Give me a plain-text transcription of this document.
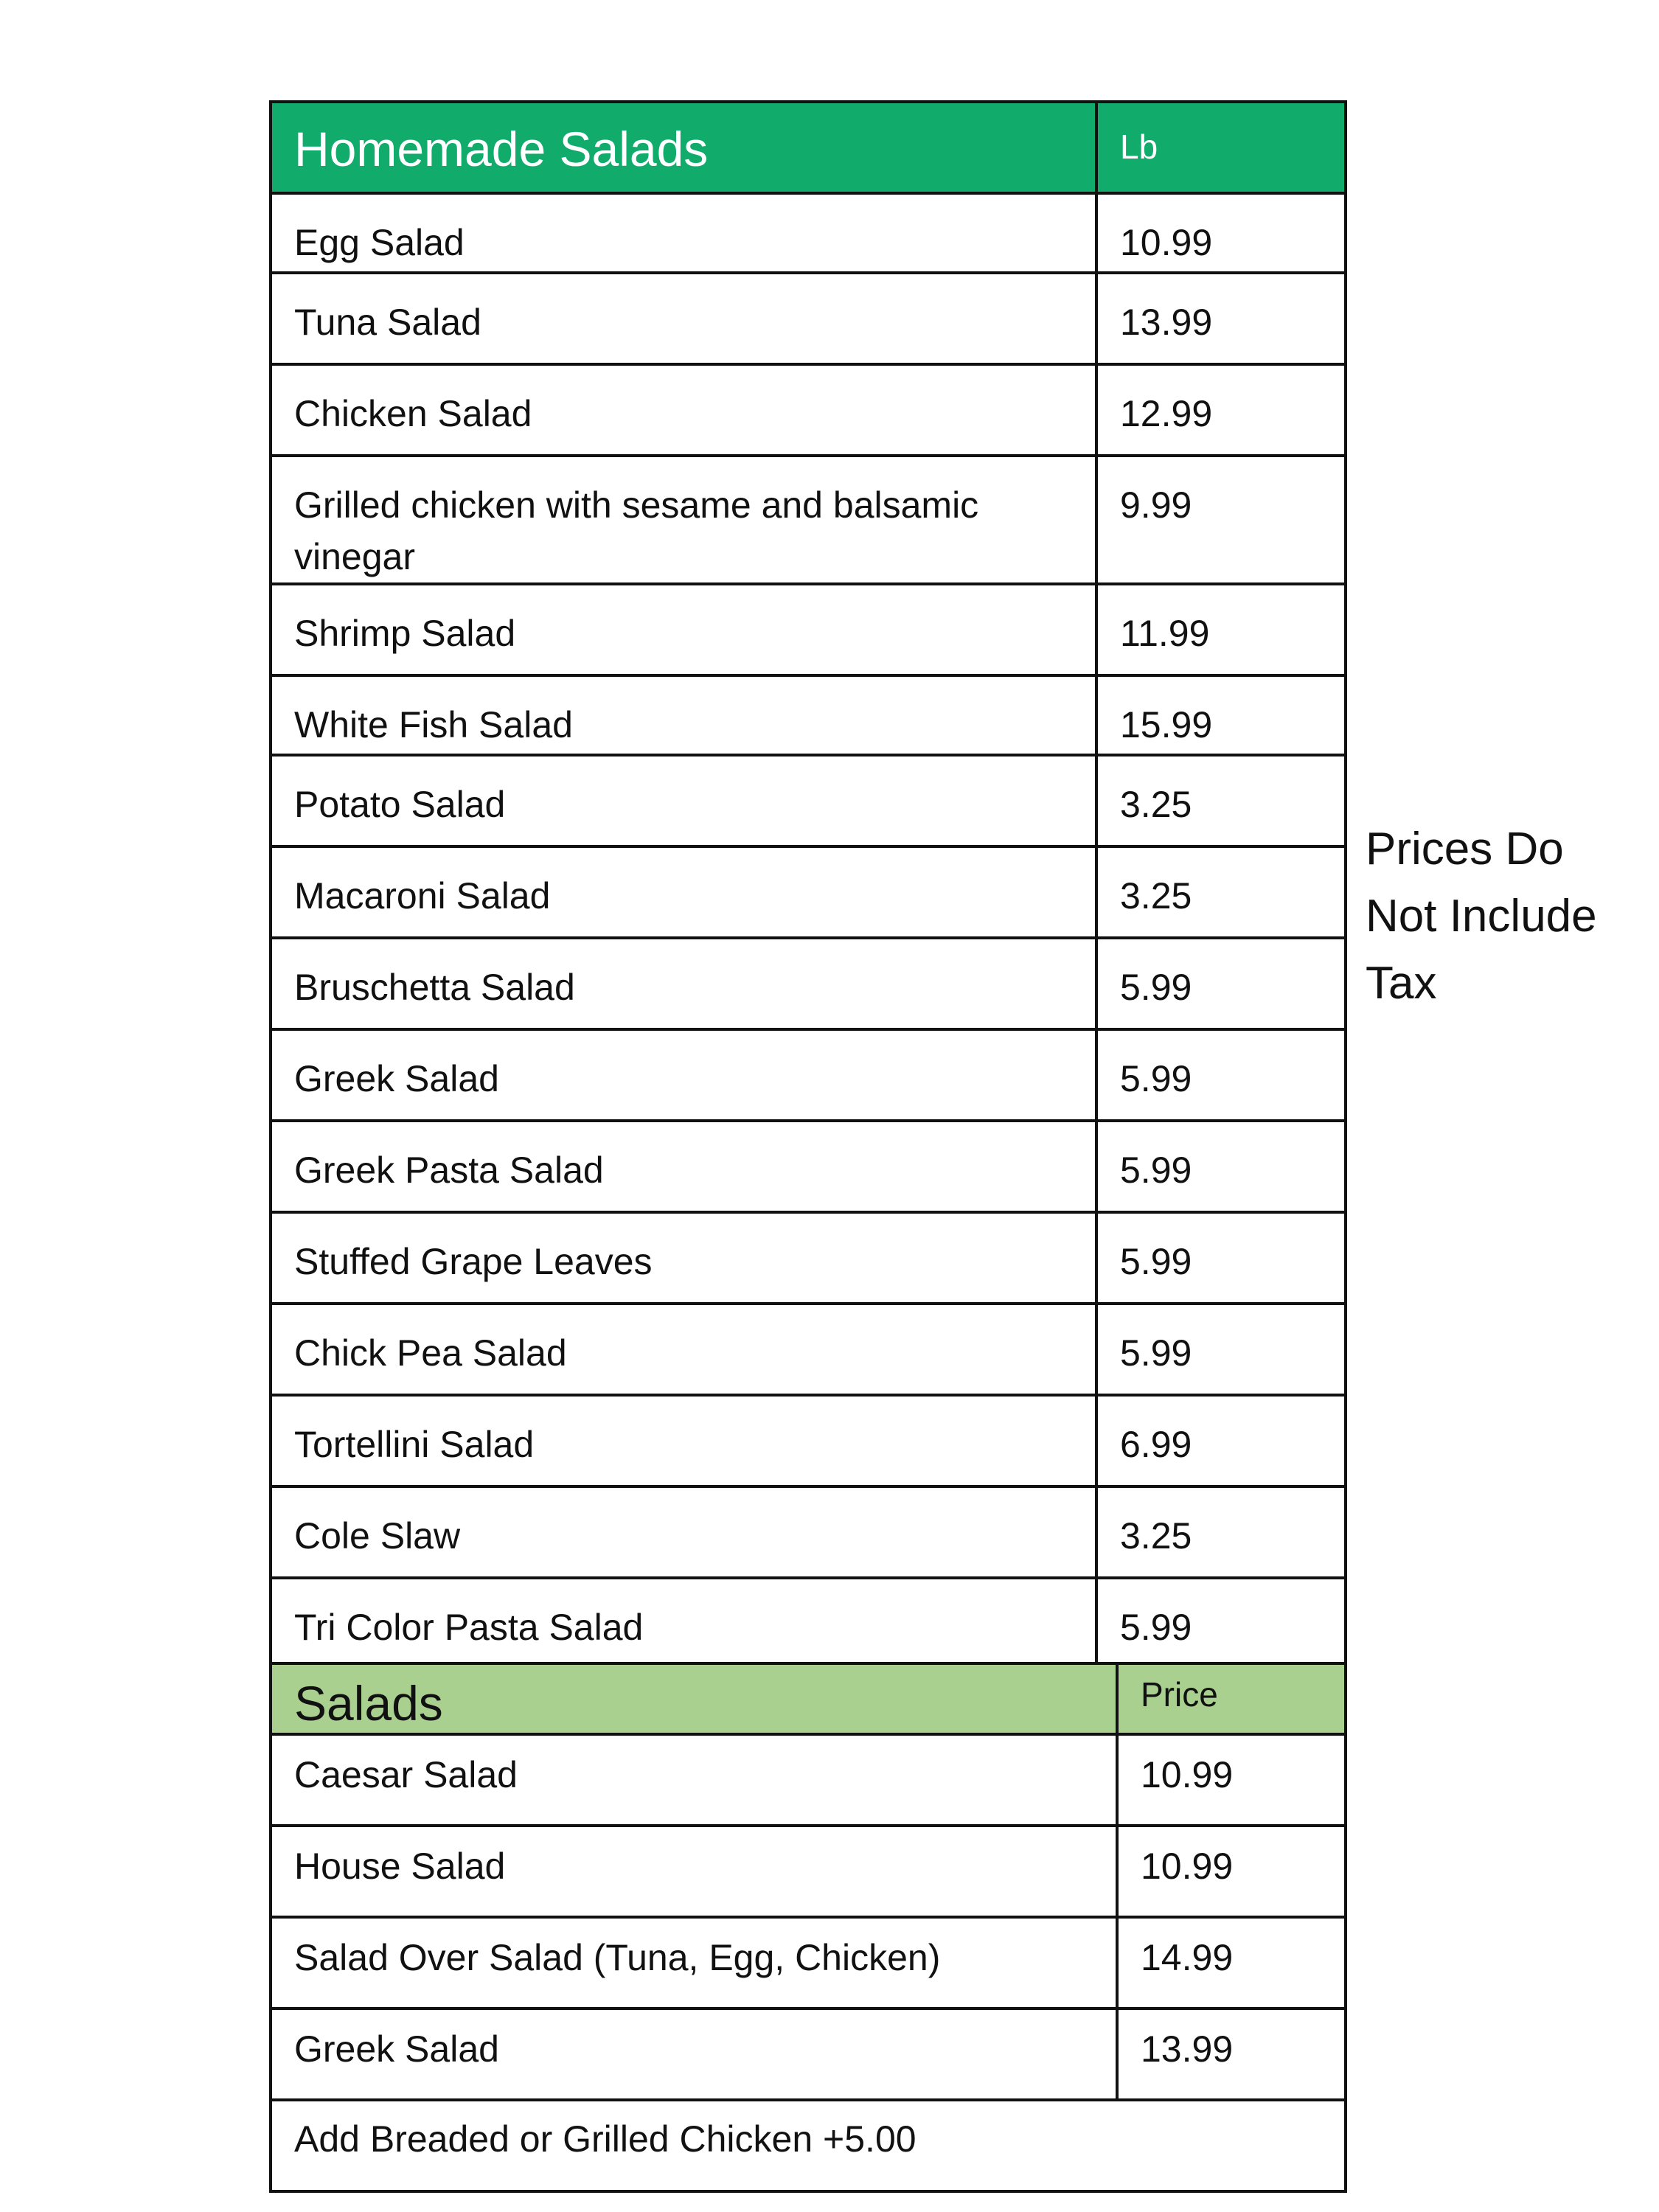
Homemade Salads	Lb
Egg Salad	10.99
Tuna Salad	13.99
Chicken Salad	12.99
Grilled chicken with sesame and balsamic vinegar	9.99
Shrimp Salad	11.99
White Fish Salad	15.99
Potato Salad	3.25
Macaroni Salad	3.25
Bruschetta Salad	5.99
Greek Salad	5.99
Greek Pasta Salad	5.99
Stuffed Grape Leaves	5.99
Chick Pea Salad	5.99
Tortellini Salad	6.99
Cole Slaw	3.25
Tri Color Pasta Salad	5.99

Prices Do Not Include Tax

Salads	Price
Caesar Salad	10.99
House Salad	10.99
Salad Over Salad (Tuna, Egg, Chicken)	14.99
Greek Salad	13.99
Add Breaded or Grilled Chicken +5.00	
